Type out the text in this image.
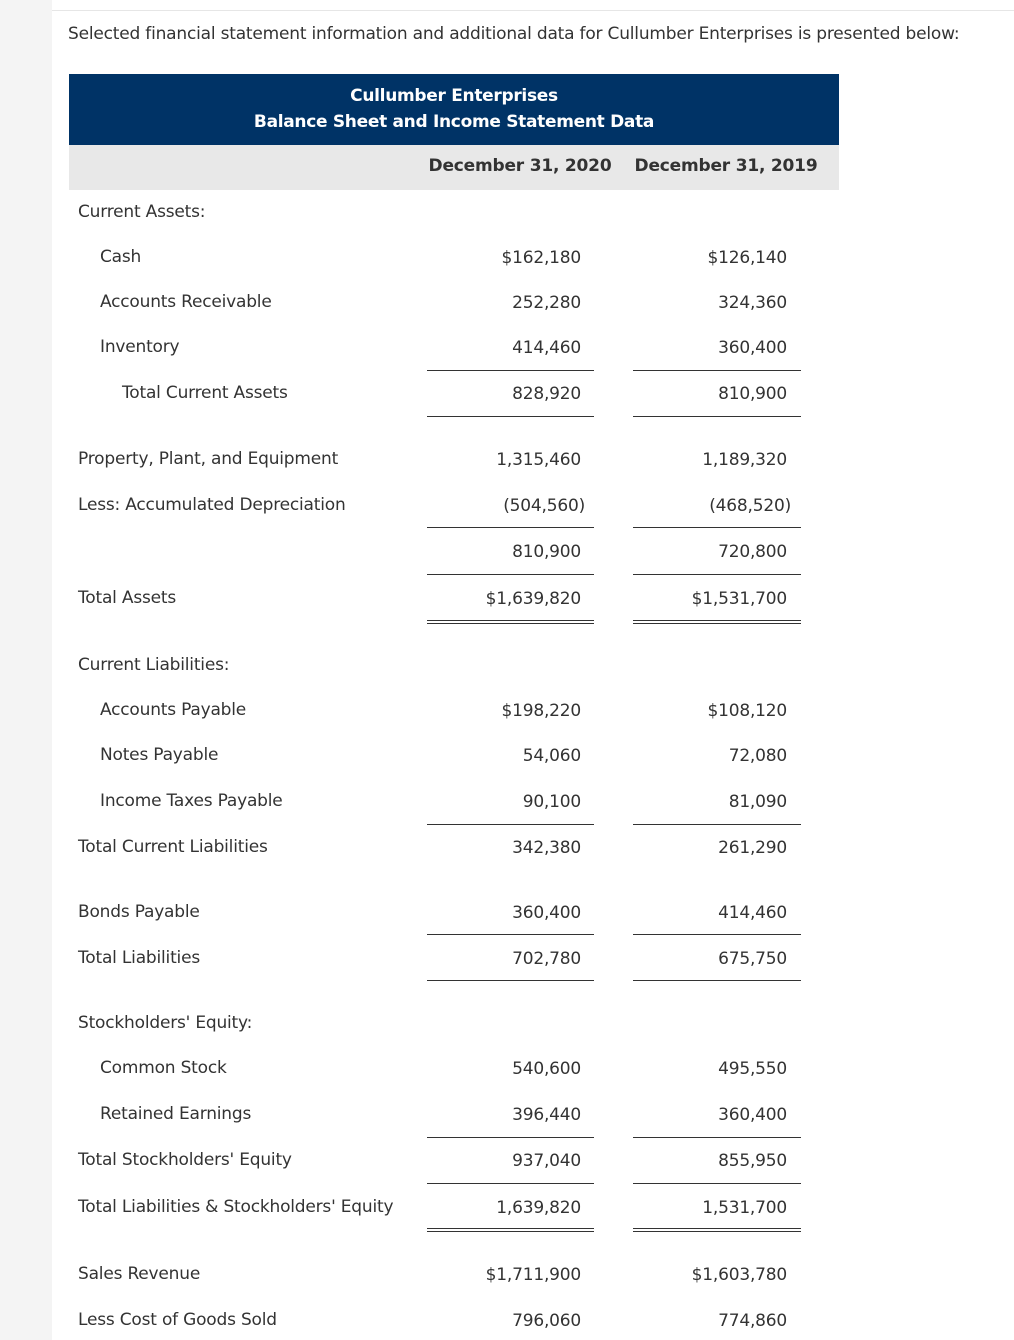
Selected financial statement information and additional data for Cullumber Enterprises is presented below:
Cullumber Enterprises
Balance Sheet and Income Statement Data
December 31, 2020 December 31, 2019
Current Assets:
Cash	$162,180	$126,140
Accounts Receivable	252,280	324,360
Inventory	414,460	360,400
Total Current Assets	828,920	810,900
Property, Plant, and Equipment	1,315,460	1,189,320
Less: Accumulated Depreciation	(504,560)	(468,520)
810,900	720,800
Total Assets	$1,639,820	$1,531,700
Current Liabilities:
Accounts Payable	$198,220	$108,120
Notes Payable	54,060	72,080
Income Taxes Payable	90,100	81,090
Total Current Liabilities	342,380	261,290
Bonds Payable	360,400	414,460
Total Liabilities	702,780	675,750
Stockholders' Equity:
Common Stock	540,600	495,550
Retained Earnings	396,440	360,400
Total Stockholders' Equity	937,040	855,950
Total Liabilities & Stockholders' Equity	1,639,820	1,531,700
Sales Revenue	$1,711,900	$1,603,780
Less Cost of Goods Sold	796,060	774,860
